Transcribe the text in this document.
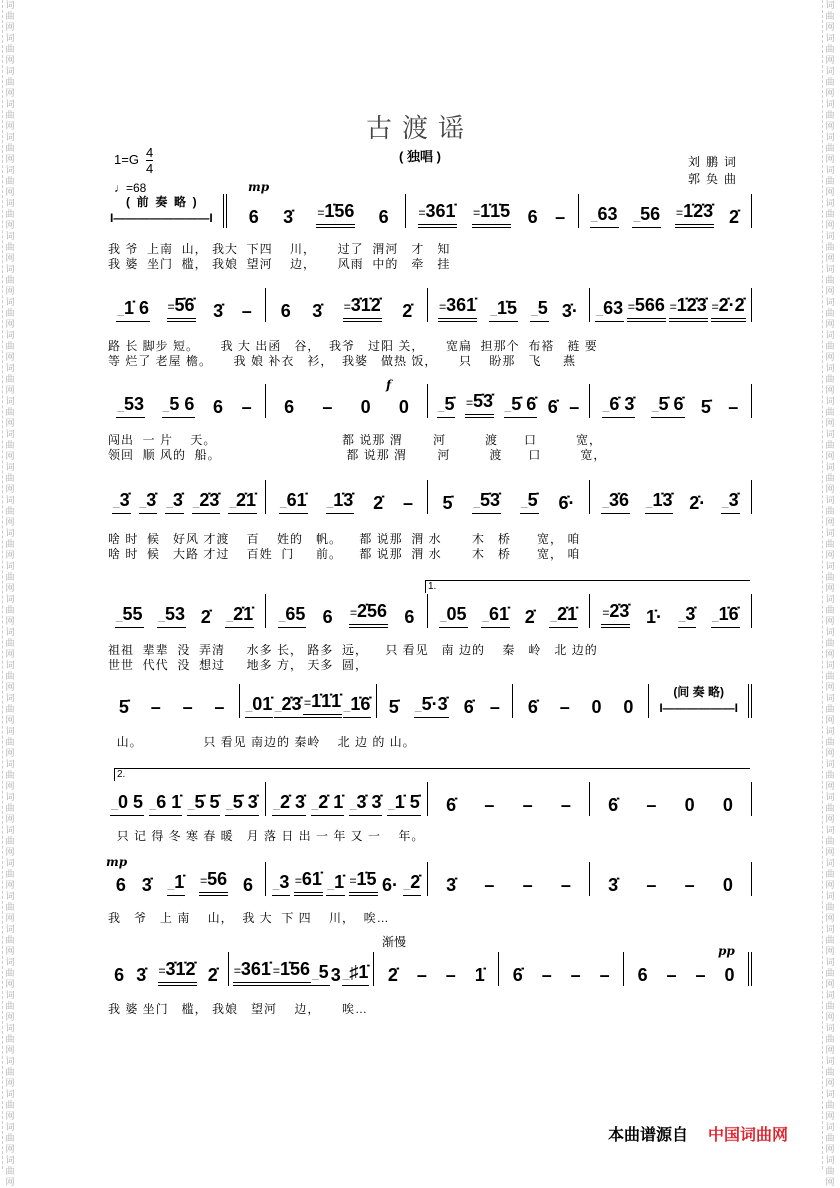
词曲网词曲网词曲网词曲网词曲网词曲网词曲网词曲网词曲网词曲网词曲网词曲网词曲网词曲网词曲网词曲网词曲网词曲网词曲网词曲网词曲网词曲网词曲网词曲网词曲网词曲网词曲网词曲网词曲网词曲网词曲网词曲网词曲网词曲网词曲网词曲网
词曲网词曲网词曲网词曲网词曲网词曲网词曲网词曲网词曲网词曲网词曲网词曲网词曲网词曲网词曲网词曲网词曲网词曲网词曲网词曲网词曲网词曲网词曲网词曲网词曲网词曲网词曲网词曲网词曲网词曲网词曲网词曲网词曲网词曲网词曲网词曲网
古渡谣
( 独唱 )	刘鹏词
郭奂曲
$1=G \frac{4}{4}$
♩=68	mp
f
mp
pp
渐慢
1.
2.
(  前  奏  略  )
I————————I	6 3̇ =1̇56 6 =361̇ =1̇1̇5 6 – _63 _56 =1̇2̇3̇ 2̇
我 爷  上南  山， 我大  下四    川，     过了  渭河   才   知
我 婆  坐门  槛， 我娘  望河    边，     风雨  中的   牵   挂
_1̇ 6 =5̇6̇ 3̇ – 6 3̇ =3̇1̇2̇ 2̇ =361̇ _1̇5 _5 3̇· _63 =566 =1̇2̇3̇ =2̇·2̇
路 长 脚步 短。     我 大 出函   谷，  我爷   过阳 关，     宽扁  担那个  布褡   裢 要
等 烂了 老屋 檐。     我 娘 补衣   衫，  我婆   做热 饭，     只    盼那   飞     燕
_53 _5 6 6 – 6 – 0 0 _5̇ =5̇3̇ _5̇ 6̇ 6̇ – _6̇ 3̇ _5̇ 6̇ 5̇ –
闯出  一 片    天。                             都 说那 渭       河         渡      口         宽，
领回  顺 风的  船。                             都 说那 渭       河         渡      口         宽，
_3̇ _3̇ _3̇ _2̇3̇ _2̇1̇ _61̇ _1̇3̇ 2̇ – 5̇ _5̇3̇ _5̇ 6̇· _3̇6 _1̇3̇ 2̇· _3̇
啥 时  候   好风 才渡    百    姓的   帆。    都 说那  渭 水       木   桥      宽， 咱
啥 时  候   大路 才过    百姓  门     前。    都 说那  渭 水       木   桥      宽， 咱
_55 _53 2̇ _2̇1̇ _65 6 =2̇56 6 _05 _61̇ 2̇ _2̇1̇ =2̇3̇ 1̇· _3̇ _1̇6̇
祖祖  辈辈  没  弄清     水多 长， 路多  远，    只 看见   南 边的    秦   岭   北 边的
世世  代代  没  想过     地多 方， 天多  圆，
5̇ – – – _01̇ _2̇3̇ =1̇1̇1̇ _1̇6̇ 5̇ _5̇·3̇ 6̇ – 6̇ – 0 0
(间 奏 略)
I——————I
山。              只 看见 南边的 秦岭    北 边 的 山。
_0 5 _6 1̇ _5̇ 5̇ _5̇ 3̇ _2̇ 3̇ _2̇ 1̇ _3̇ 3̇ _1̇ 5̇ 6̇ – – – 6̇ – 0 0
只 记 得 冬 寒 春 暖   月 落 日 出 一 年 又 一    年。
6 3̇ _1̇ =56 6 _3 =61̇ _1̇ =1̇5 6· _2̇ 3̇ – – – 3̇ – – 0
我   爷   上 南    山，  我 大  下 四    川，  唉…
6 3̇ =3̇1̇2̇ 2̇ =361̇ =1̇56 _5 3 _♯1̇ 2̇ – – 1̇ 6̇ – – – 6 – – 0
我 婆 坐门   槛， 我娘   望河    边，     唉…
本曲谱源自 中国词曲网
